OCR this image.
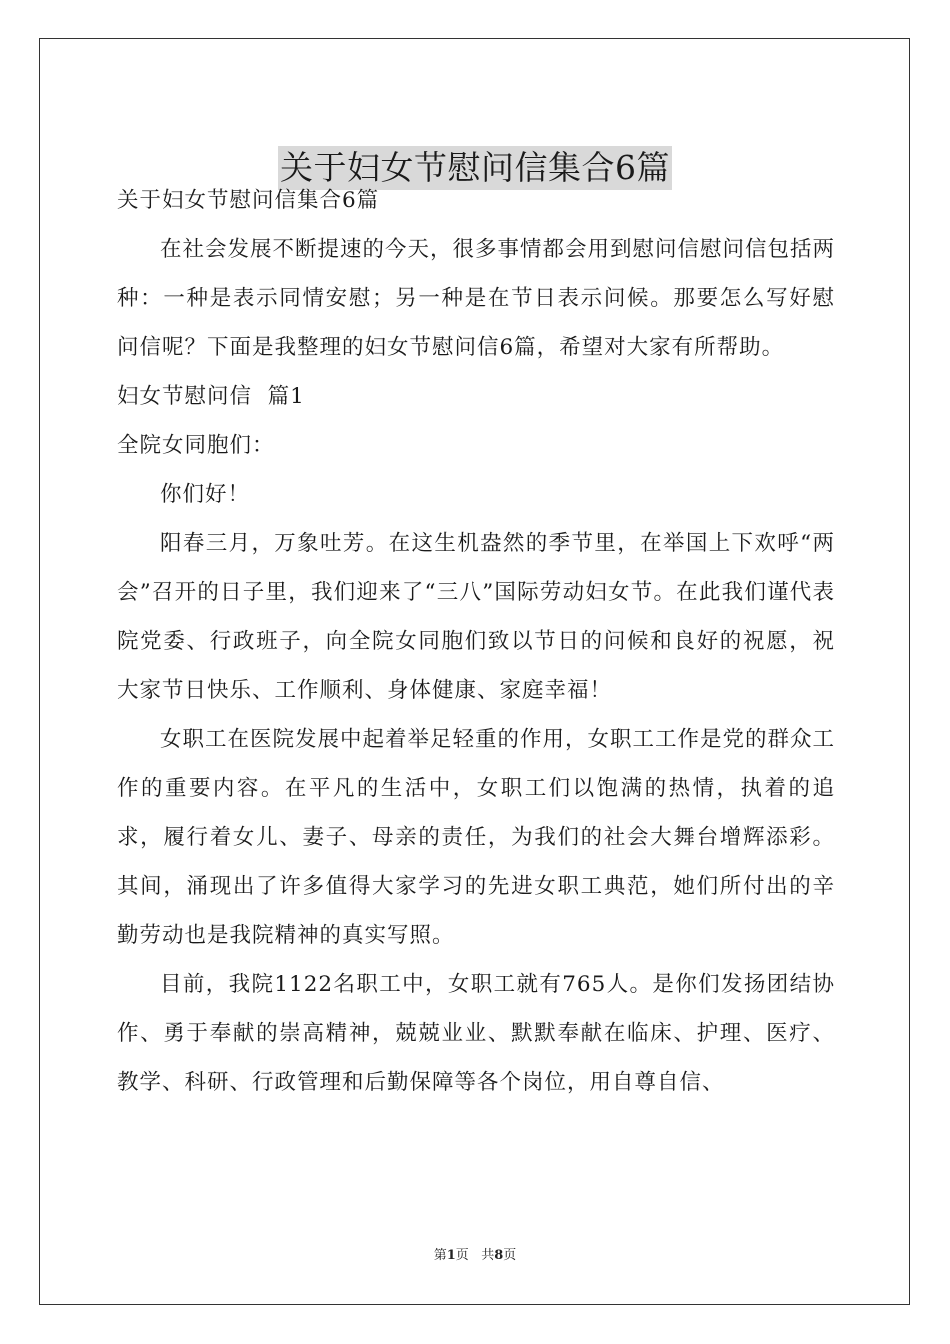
关于妇女节慰问信集合6篇

关于妇女节慰问信集合6篇

在社会发展不断提速的今天，很多事情都会用到慰问信慰问信包括两种：一种是表示同情安慰；另一种是在节日表示问候。那要怎么写好慰问信呢？下面是我整理的妇女节慰问信6篇，希望对大家有所帮助。

妇女节慰问信  篇1

全院女同胞们：

你们好！

阳春三月，万象吐芳。在这生机盎然的季节里，在举国上下欢呼“两会”召开的日子里，我们迎来了“三八”国际劳动妇女节。在此我们谨代表院党委、行政班子，向全院女同胞们致以节日的问候和良好的祝愿，祝大家节日快乐、工作顺利、身体健康、家庭幸福！

女职工在医院发展中起着举足轻重的作用，女职工工作是党的群众工作的重要内容。在平凡的生活中，女职工们以饱满的热情，执着的追求，履行着女儿、妻子、母亲的责任，为我们的社会大舞台增辉添彩。其间，涌现出了许多值得大家学习的先进女职工典范，她们所付出的辛勤劳动也是我院精神的真实写照。

目前，我院1122名职工中，女职工就有765人。是你们发扬团结协作、勇于奉献的崇高精神，兢兢业业、默默奉献在临床、护理、医疗、教学、科研、行政管理和后勤保障等各个岗位，用自尊自信、

第1页   共8页
